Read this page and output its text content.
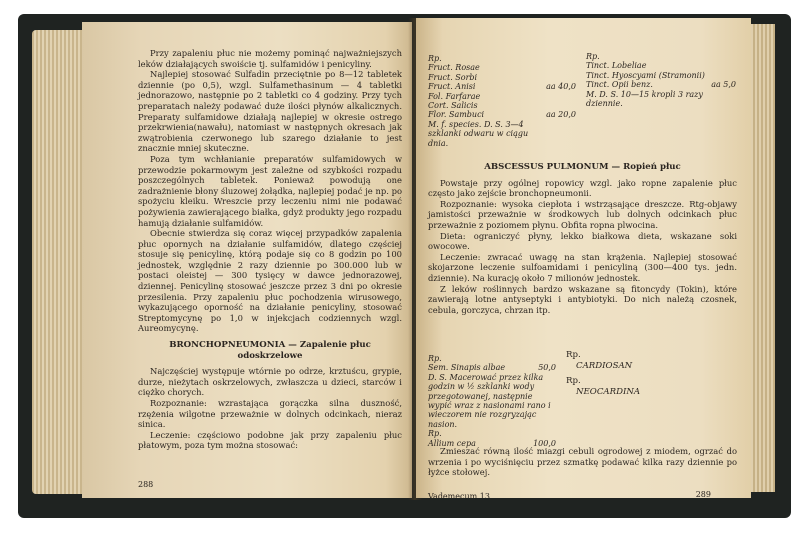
Przy zapaleniu płuc nie możemy pominąć najważniejszych leków działających swoiście tj. sulfamidów i penicyliny.

Najlepiej stosować Sulfadin przeciętnie po 8—12 tabletek dziennie (po 0,5), wzgl. Sulfamethasinum — 4 tabletki jednorazowo, następnie po 2 tabletki co 4 godziny. Przy tych preparatach należy podawać duże ilości płynów alkalicznych. Preparaty sulfamidowe działają najlepiej w okresie ostrego przekrwienia(nawału), natomiast w następnych okresach jak zwątrobienia czerwonego lub szarego działanie to jest znacznie mniej skuteczne.

Poza tym wchłanianie preparatów sulfamidowych w przewodzie pokarmowym jest zależne od szybkości rozpadu poszczególnych tabletek. Ponieważ powodują one zadrażnienie błony śluzowej żołądka, najlepiej podać je np. po spożyciu kleiku. Wreszcie przy leczeniu nimi nie podawać pożywienia zawierającego białka, gdyż produkty jego rozpadu hamują działanie sulfamidów.

Obecnie stwierdza się coraz więcej przypadków zapalenia płuc opornych na działanie sulfamidów, dlatego częściej stosuje się penicylinę, którą podaje się co 8 godzin po 100 jednostek, względnie 2 razy dziennie po 300.000 lub w postaci oleistej — 300 tysięcy w dawce jednorazowej, dziennej. Penicylinę stosować jeszcze przez 3 dni po okresie przesilenia. Przy zapaleniu płuc pochodzenia wirusowego, wykazującego oporność na działanie penicyliny, stosować Streptomycynę po 1,0 w injekcjach codziennych wzgl. Aureomycynę.

BRONCHOPNEUMONIA — Zapalenie płuc odoskrzelowe

Najczęściej występuje wtórnie po odrze, krztuścu, grypie, durze, nieżytach oskrzelowych, zwłaszcza u dzieci, starców i ciężko chorych.

Rozpoznanie: wzrastająca gorączka silna duszność, rzężenia wilgotne przeważnie w dolnych odcinkach, nieraz sinica.

Leczenie: częściowo podobne jak przy zapaleniu płuc płatowym, poza tym można stosować:

288
Rp.
Fruct. Rosae
Fruct. Sorbi
Fruct. Anisi	aa 40,0
Fol. Farfarae
Cort. Salicis
Flor. Sambuci	aa 20,0
M. f. species. D. S. 3—4
szklanki odwaru w ciągu
dnia.
Rp.
Tinct. Lobeliae
Tinct. Hyoscyami (Stramonii)
Tinct. Opii benz.	aa 5,0
M. D. S. 10—15 kropli 3 razy dziennie.

ABSCESSUS PULMONUM — Ropień płuc

Powstaje przy ogólnej ropowicy wzgl. jako ropne zapalenie płuc często jako zejście bronchopneumonii.

Rozpoznanie: wysoka ciepłota i wstrząsające dreszcze. Rtg-objawy jamistości przeważnie w środkowych lub dolnych odcinkach płuc przeważnie z poziomem płynu. Obfita ropna plwocina.

Dieta: ograniczyć płyny, lekko białkowa dieta, wskazane soki owocowe.

Leczenie: zwracać uwagę na stan krążenia. Najlepiej stosować skojarzone leczenie sulfoamidami i penicyliną (300—400 tys. jedn. dziennie). Na kurację około 7 milionów jednostek.

Z leków roślinnych bardzo wskazane są fitoncydy (Tokin), które zawierają lotne antyseptyki i antybiotyki. Do nich należą czosnek, cebula, gorczyca, chrzan itp.

Rp.
Sem. Sinapis albae	50,0
D. S. Macerować przez kilka godzin w ½ szklanki wody przegotowanej, następnie wypić wraz z nasionami rano i wieczorem nie rozgryzając nasion.
Rp.
Allium cepa	100,0
Rp.
CARDIOSAN
Rp.
NEOCARDINA

Zmieszać równą ilość miazgi cebuli ogrodowej z miodem, ogrzać do wrzenia i po wyciśnięciu przez szmatkę podawać kilka razy dziennie po łyżce stołowej.

Vademecum 13	289
